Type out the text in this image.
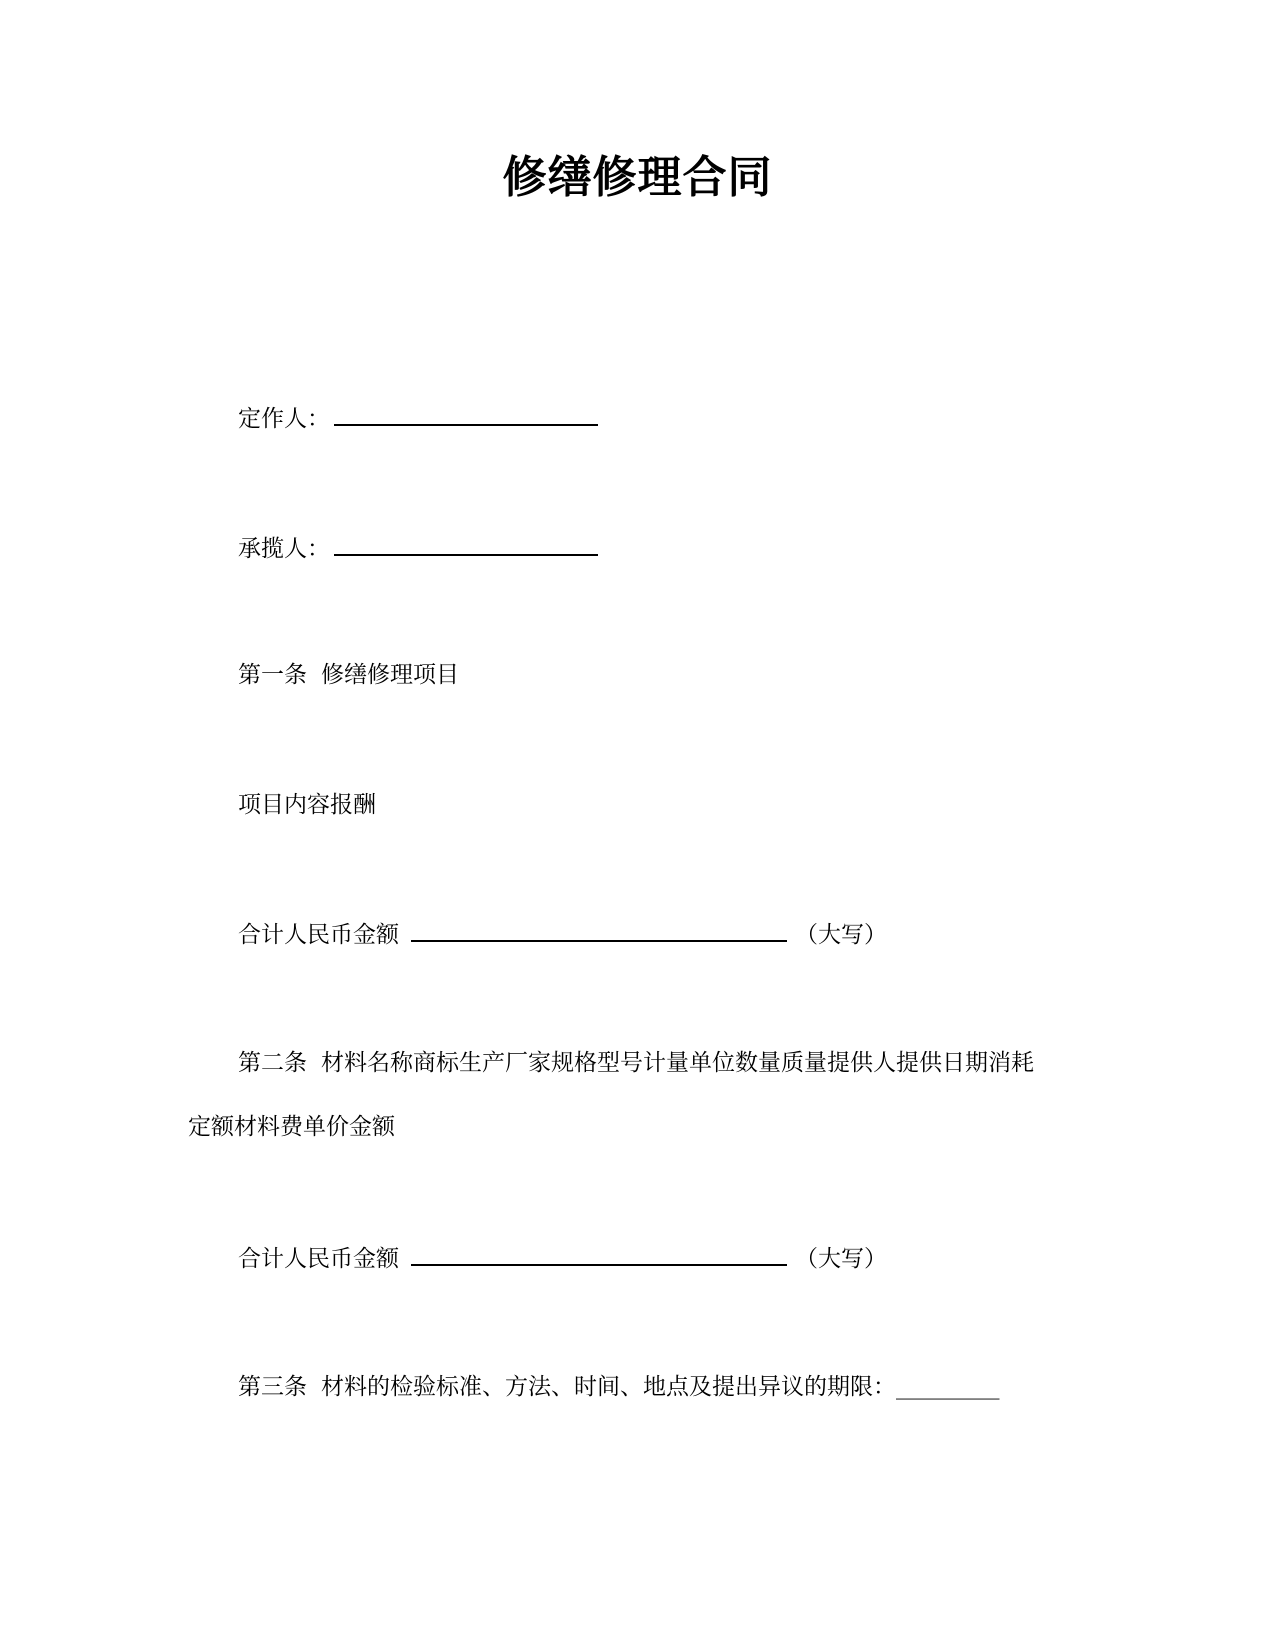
修缮修理合同
定作人：
承揽人：
第一条 修缮修理项目
项目内容报酬
合计人民币金额	（大写）
第二条 材料名称商标生产厂家规格型号计量单位数量质量提供人提供日期消耗
定额材料费单价金额
合计人民币金额	（大写）
第三条 材料的检验标准、方法、时间、地点及提出异议的期限：_________
